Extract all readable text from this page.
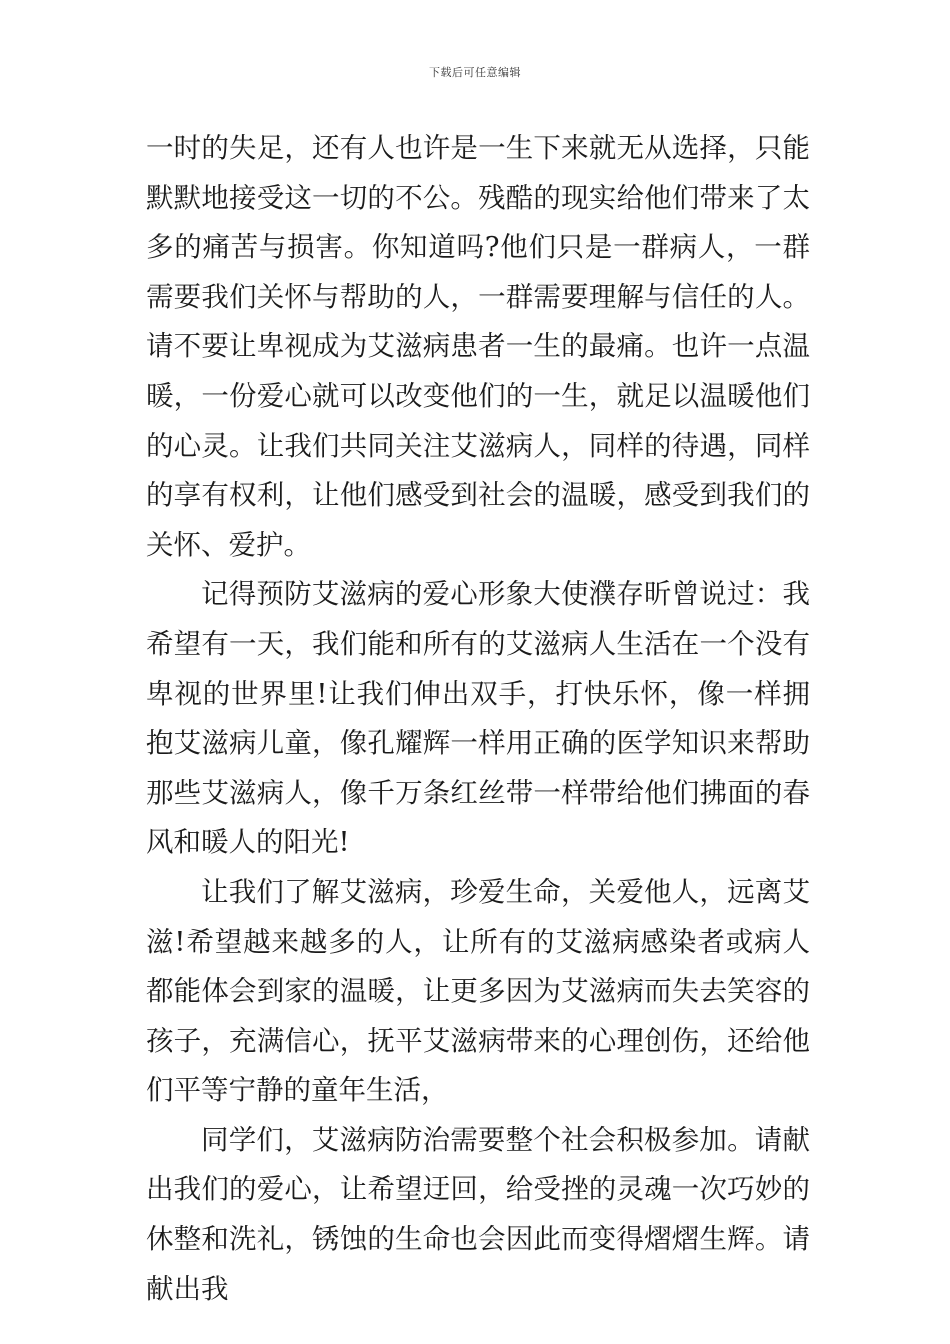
下载后可任意编辑

一时的失足，还有人也许是一生下来就无从选择，只能默默地接受这一切的不公。残酷的现实给他们带来了太多的痛苦与损害。你知道吗?他们只是一群病人，一群需要我们关怀与帮助的人，一群需要理解与信任的人。请不要让卑视成为艾滋病患者一生的最痛。也许一点温暖，一份爱心就可以改变他们的一生，就足以温暖他们的心灵。让我们共同关注艾滋病人，同样的待遇，同样的享有权利，让他们感受到社会的温暖，感受到我们的关怀、爱护。

记得预防艾滋病的爱心形象大使濮存昕曾说过：我希望有一天，我们能和所有的艾滋病人生活在一个没有卑视的世界里!让我们伸出双手，打快乐怀，像一样拥抱艾滋病儿童，像孔耀辉一样用正确的医学知识来帮助那些艾滋病人，像千万条红丝带一样带给他们拂面的春风和暖人的阳光!

让我们了解艾滋病，珍爱生命，关爱他人，远离艾滋!希望越来越多的人，让所有的艾滋病感染者或病人都能体会到家的温暖，让更多因为艾滋病而失去笑容的孩子，充满信心，抚平艾滋病带来的心理创伤，还给他们平等宁静的童年生活，

同学们，艾滋病防治需要整个社会积极参加。请献出我们的爱心，让希望迂回，给受挫的灵魂一次巧妙的休整和洗礼，锈蚀的生命也会因此而变得熠熠生辉。请献出我
